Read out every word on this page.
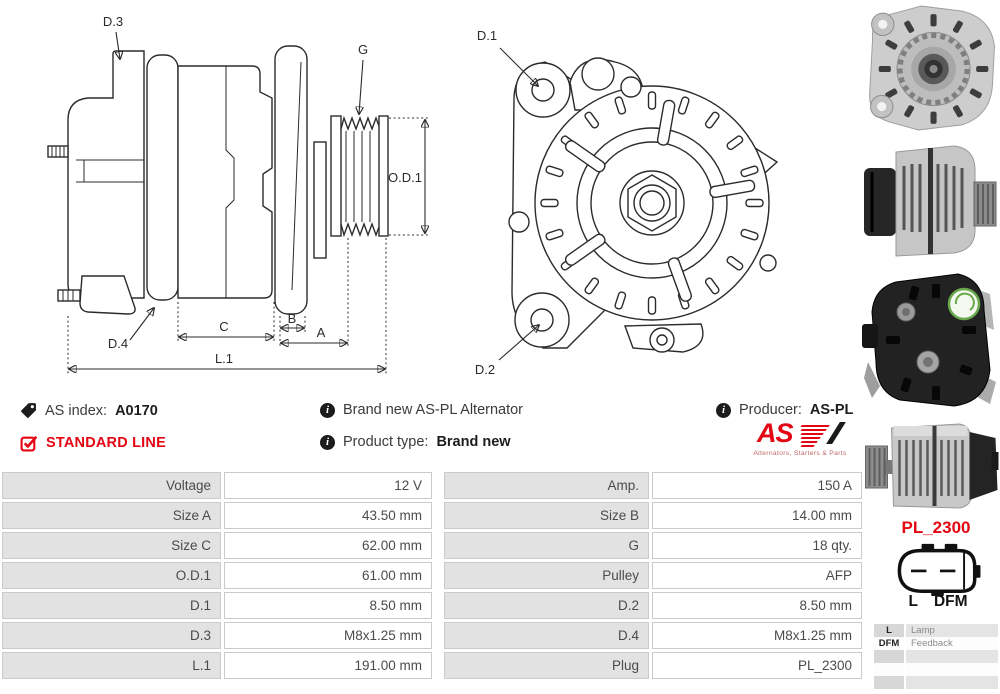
D.3
G
O.D.1
D.4
B
C	A
L.1
D.1
D.2
AS index: A0170
STANDARD LINE
i Brand new AS-PL Alternator
i Product type: Brand new
i Producer: AS-PL
AS
Alternators, Starters & Parts
Voltage	12 V	Amp.	150 A
Size A	43.50 mm	Size B	14.00 mm
Size C	62.00 mm	G	18 qty.
O.D.1	61.00 mm	Pulley	AFP
D.1	8.50 mm	D.2	8.50 mm
D.3	M8x1.25 mm	D.4	M8x1.25 mm
L.1	191.00 mm	Plug	PL_2300
PL_2300
L DFM
L	Lamp
DFM	Feedback
